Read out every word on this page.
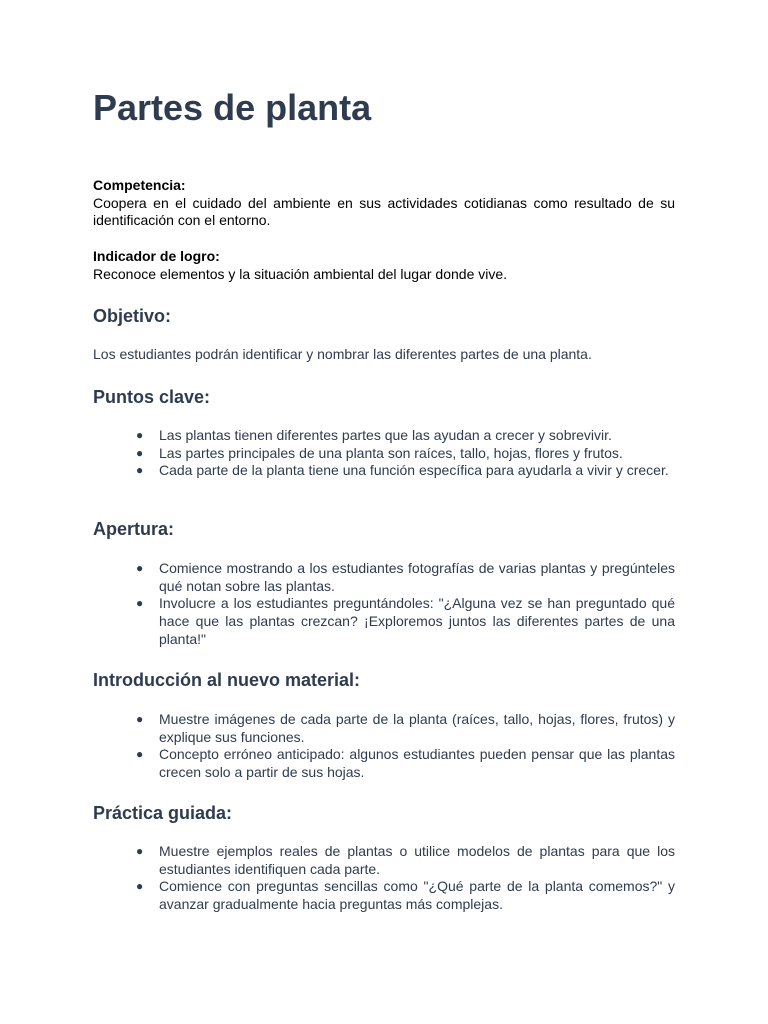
Partes de planta
Competencia:
Coopera en el cuidado del ambiente en sus actividades cotidianas como resultado de su identificación con el entorno.
Indicador de logro:
Reconoce elementos y la situación ambiental del lugar donde vive.
Objetivo:

Los estudiantes podrán identificar y nombrar las diferentes partes de una planta.

Puntos clave:
● Las plantas tienen diferentes partes que las ayudan a crecer y sobrevivir.
● Las partes principales de una planta son raíces, tallo, hojas, flores y frutos.
● Cada parte de la planta tiene una función específica para ayudarla a vivir y crecer.
Apertura:
● Comience mostrando a los estudiantes fotografías de varias plantas y pregúnteles qué notan sobre las plantas.
● Involucre a los estudiantes preguntándoles: "¿Alguna vez se han preguntado qué hace que las plantas crezcan? ¡Exploremos juntos las diferentes partes de una planta!"
Introducción al nuevo material:
● Muestre imágenes de cada parte de la planta (raíces, tallo, hojas, flores, frutos) y explique sus funciones.
● Concepto erróneo anticipado: algunos estudiantes pueden pensar que las plantas crecen solo a partir de sus hojas.
Práctica guiada:
● Muestre ejemplos reales de plantas o utilice modelos de plantas para que los estudiantes identifiquen cada parte.
● Comience con preguntas sencillas como "¿Qué parte de la planta comemos?" y avanzar gradualmente hacia preguntas más complejas.
